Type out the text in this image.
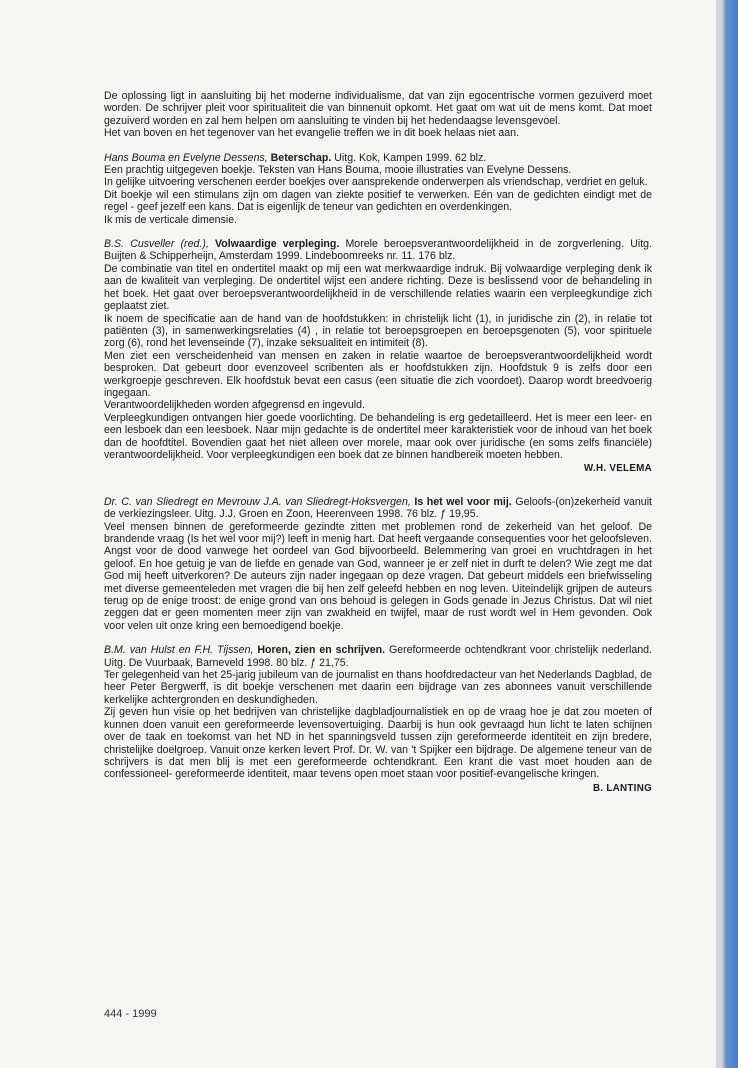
De oplossing ligt in aansluiting bij het moderne individualisme, dat van zijn egocentrische vormen gezuiverd moet worden. De schrijver pleit voor spiritualiteit die van binnenuit opkomt. Het gaat om wat uit de mens komt. Dat moet gezuiverd worden en zal hem helpen om aansluiting te vinden bij het hedendaagse levensgevoel.

Het van boven en het tegenover van het evangelie treffen we in dit boek helaas niet aan.

Hans Bouma en Evelyne Dessens, Beterschap. Uitg. Kok, Kampen 1999. 62 blz.

Een prachtig uitgegeven boekje. Teksten van Hans Bouma, mooie illustraties van Evelyne Dessens.

In gelijke uitvoering verschenen eerder boekjes over aansprekende onderwerpen als vriendschap, verdriet en geluk.

Dit boekje wil een stimulans zijn om dagen van ziekte positief te verwerken. Eén van de gedichten eindigt met de regel - geef jezelf een kans. Dat is eigenlijk de teneur van gedichten en overdenkingen.

Ik mis de verticale dimensie.

B.S. Cusveller (red.), Volwaardige verpleging. Morele beroepsverantwoordelijkheid in de zorgverlening. Uitg. Buijten & Schipperheijn, Amsterdam 1999. Lindeboomreeks nr. 11. 176 blz.

De combinatie van titel en ondertitel maakt op mij een wat merkwaardige indruk. Bij volwaardige verpleging denk ik aan de kwaliteit van verpleging. De ondertitel wijst een andere richting. Deze is beslissend voor de behandeling in het boek. Het gaat over beroepsverantwoordelijkheid in de verschillende relaties waarin een verpleegkundige zich geplaatst ziet.

Ik noem de specificatie aan de hand van de hoofdstukken: in christelijk licht (1), in juridische zin (2), in relatie tot patiënten (3), in samenwerkingsrelaties (4) , in relatie tot beroepsgroepen en beroepsgenoten (5), voor spirituele zorg (6), rond het levenseinde (7), inzake seksualiteit en intimiteit (8).

Men ziet een verscheidenheid van mensen en zaken in relatie waartoe de beroepsverantwoordelijkheid wordt besproken. Dat gebeurt door evenzoveel scribenten als er hoofdstukken zijn. Hoofdstuk 9 is zelfs door een werkgroepje geschreven. Elk hoofdstuk bevat een casus (een situatie die zich voordoet). Daarop wordt breedvoerig ingegaan.

Verantwoordelijkheden worden afgegrensd en ingevuld.

Verpleegkundigen ontvangen hier goede voorlichting. De behandeling is erg gedetailleerd. Het is meer een leer- en een lesboek dan een leesboek. Naar mijn gedachte is de ondertitel meer karakteristiek voor de inhoud van het boek dan de hoofdtitel. Bovendien gaat het niet alleen over morele, maar ook over juridische (en soms zelfs financiële) verantwoordelijkheid. Voor verpleegkundigen een boek dat ze binnen handbereik moeten hebben.

W.H. VELEMA

Dr. C. van Sliedregt en Mevrouw J.A. van Sliedregt-Hoksvergen, Is het wel voor mij. Geloofs-(on)zekerheid vanuit de verkiezingsleer. Uitg. J.J. Groen en Zoon, Heerenveen 1998. 76 blz. ƒ 19,95.

Veel mensen binnen de gereformeerde gezindte zitten met problemen rond de zekerheid van het geloof. De brandende vraag (Is het wel voor mij?) leeft in menig hart. Dat heeft vergaande consequenties voor het geloofsleven. Angst voor de dood vanwege het oordeel van God bijvoorbeeld. Belemmering van groei en vruchtdragen in het geloof. En hoe getuig je van de liefde en genade van God, wanneer je er zelf niet in durft te delen? Wie zegt me dat God mij heeft uitverkoren? De auteurs zijn nader ingegaan op deze vragen. Dat gebeurt middels een briefwisseling met diverse gemeenteleden met vragen die bij hen zelf geleefd hebben en nog leven. Uiteindelijk grijpen de auteurs terug op de enige troost: de enige grond van ons behoud is gelegen in Gods genade in Jezus Christus. Dat wil niet zeggen dat er geen momenten meer zijn van zwakheid en twijfel, maar de rust wordt wel in Hem gevonden. Ook voor velen uit onze kring een bemoedigend boekje.

B.M. van Hulst en F.H. Tijssen, Horen, zien en schrijven. Gereformeerde ochtendkrant voor christelijk nederland. Uitg. De Vuurbaak, Barneveld 1998. 80 blz. ƒ 21,75.

Ter gelegenheid van het 25-jarig jubileum van de journalist en thans hoofdredacteur van het Nederlands Dagblad, de heer Peter Bergwerff, is dit boekje verschenen met daarin een bijdrage van zes abonnees vanuit verschillende kerkelijke achtergronden en deskundigheden.

Zij geven hun visie op het bedrijven van christelijke dagbladjournalistiek en op de vraag hoe je dat zou moeten of kunnen doen vanuit een gereformeerde levensovertuiging. Daarbij is hun ook gevraagd hun licht te laten schijnen over de taak en toekomst van het ND in het spanningsveld tussen zijn gereformeerde identiteit en zijn bredere, christelijke doelgroep. Vanuit onze kerken levert Prof. Dr. W. van 't Spijker een bijdrage. De algemene teneur van de schrijvers is dat men blij is met een gereformeerde ochtendkrant. Een krant die vast moet houden aan de confessioneel- gereformeerde identiteit, maar tevens open moet staan voor positief-evangelische kringen.

B. LANTING
444 - 1999
